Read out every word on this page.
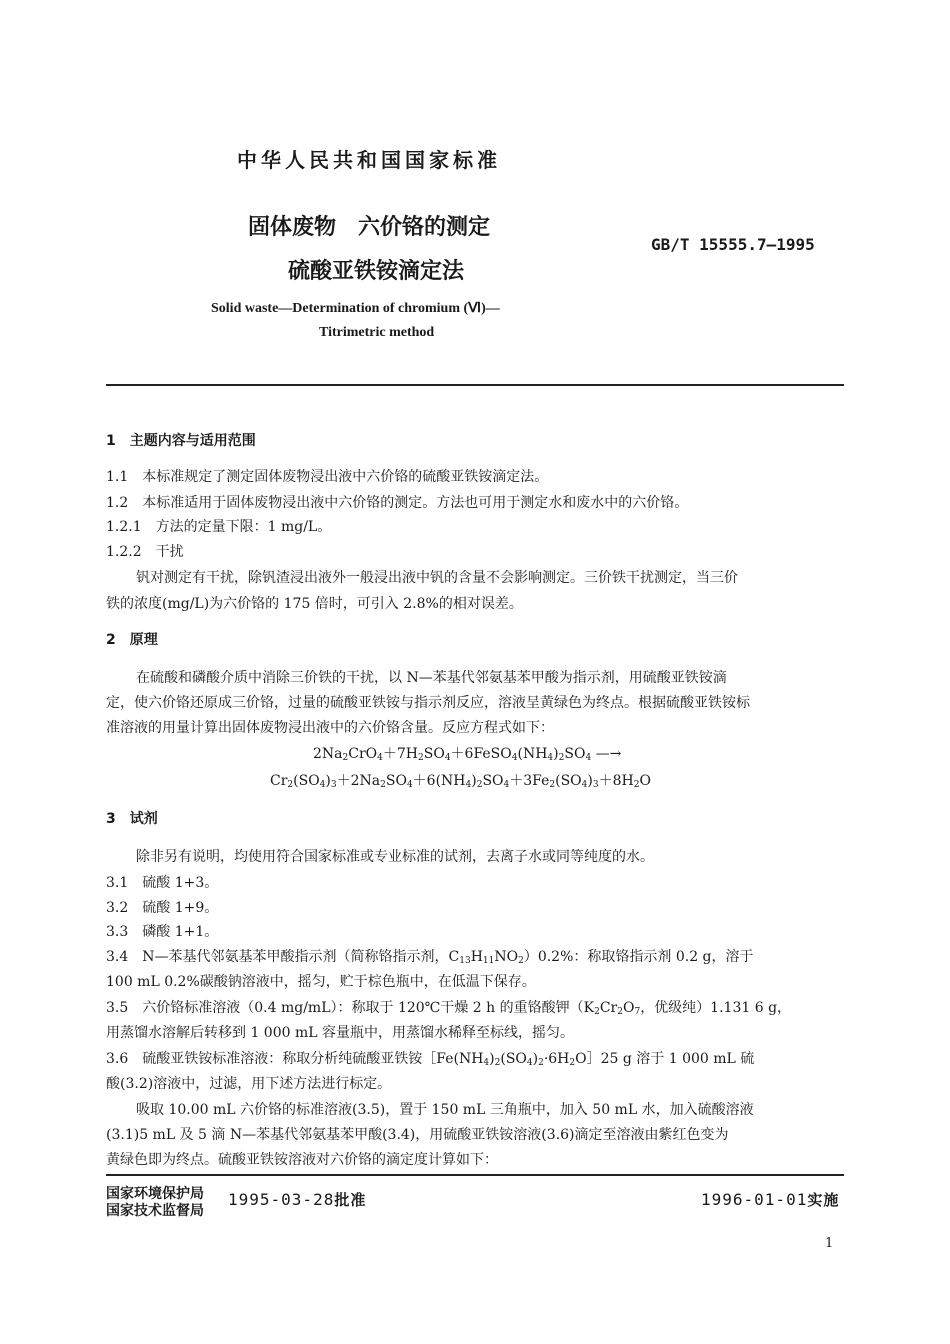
中华人民共和国国家标准
固体废物　六价铬的测定
硫酸亚铁铵滴定法
GB/T 15555.7—1995
Solid waste—Determination of chromium (Ⅵ)—
Titrimetric method
1　主题内容与适用范围
1.1　本标准规定了测定固体废物浸出液中六价铬的硫酸亚铁铵滴定法。
1.2　本标准适用于固体废物浸出液中六价铬的测定。方法也可用于测定水和废水中的六价铬。
1.2.1　方法的定量下限：1 mg/L。
1.2.2　干扰
钒对测定有干扰，除钒渣浸出液外一般浸出液中钒的含量不会影响测定。三价铁干扰测定，当三价
铁的浓度(mg/L)为六价铬的 175 倍时，可引入 2.8%的相对误差。
2　原理
在硫酸和磷酸介质中消除三价铁的干扰，以 N—苯基代邻氨基苯甲酸为指示剂，用硫酸亚铁铵滴
定，使六价铬还原成三价铬，过量的硫酸亚铁铵与指示剂反应，溶液呈黄绿色为终点。根据硫酸亚铁铵标
准溶液的用量计算出固体废物浸出液中的六价铬含量。反应方程式如下：
$2Na_2CrO_4+7H_2SO_4+6FeSO_4(NH_4)_2SO_4$ —→
$Cr_2(SO_4)_3+2Na_2SO_4+6(NH_4)_2SO_4+3Fe_2(SO_4)_3+8H_2O$
3　试剂
除非另有说明，均使用符合国家标准或专业标准的试剂，去离子水或同等纯度的水。
3.1　硫酸 1+3。
3.2　硫酸 1+9。
3.3　磷酸 1+1。
3.4　N—苯基代邻氨基苯甲酸指示剂（简称铬指示剂，$C_{13}H_{11}NO_2)0.2\%$：称取铬指示剂 0.2 g，溶于
100 mL 0.2%碳酸钠溶液中，摇匀，贮于棕色瓶中，在低温下保存。
3.5　六价铬标准溶液（0.4 mg/mL）：称取于 120℃干燥 2 h 的重铬酸钾（$K_2Cr_2O_7$，优级纯）1.131 6 g，
用蒸馏水溶解后转移到 1 000 mL 容量瓶中，用蒸馏水稀释至标线，摇匀。
3.6　硫酸亚铁铵标准溶液：称取分析纯硫酸亚铁铵$[Fe(NH_4)_2(SO_4)_2\cdot 6H_2O]25$ g 溶于 1 000 mL 硫
酸(3.2)溶液中，过滤，用下述方法进行标定。
吸取 10.00 mL 六价铬的标准溶液(3.5)，置于 150 mL 三角瓶中，加入 50 mL 水，加入硫酸溶液
(3.1)5 mL 及 5 滴 N—苯基代邻氨基苯甲酸(3.4)，用硫酸亚铁铵溶液(3.6)滴定至溶液由紫红色变为
黄绿色即为终点。硫酸亚铁铵溶液对六价铬的滴定度计算如下：
国家环境保护局
国家技术监督局
1995-03-28批准	1996-01-01实施
1
